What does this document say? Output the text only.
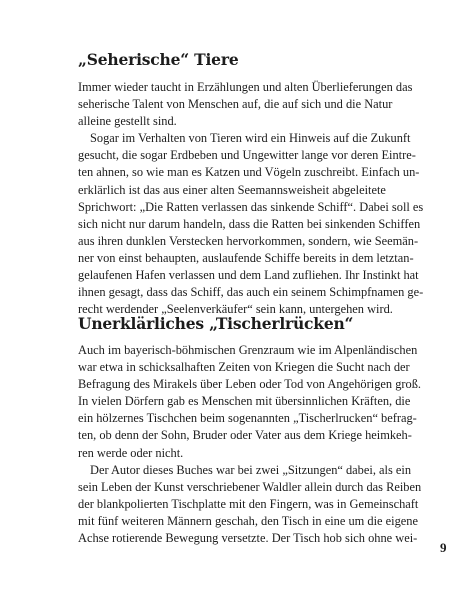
„Seherische“ Tiere
Immer wieder taucht in Erzählungen und alten Überlieferungen das
seherische Talent von Menschen auf, die auf sich und die Natur
alleine gestellt sind.
Sogar im Verhalten von Tieren wird ein Hinweis auf die Zukunft
gesucht, die sogar Erdbeben und Ungewitter lange vor deren Eintre-
ten ahnen, so wie man es Katzen und Vögeln zuschreibt. Einfach un-
erklärlich ist das aus einer alten Seemannsweisheit abgeleitete
Sprichwort: „Die Ratten verlassen das sinkende Schiff“. Dabei soll es
sich nicht nur darum handeln, dass die Ratten bei sinkenden Schiffen
aus ihren dunklen Verstecken hervorkommen, sondern, wie Seemän-
ner von einst behaupten, auslaufende Schiffe bereits in dem letztan-
gelaufenen Hafen verlassen und dem Land zufliehen. Ihr Instinkt hat
ihnen gesagt, dass das Schiff, das auch ein seinem Schimpfnamen ge-
recht werdender „Seelenverkäufer“ sein kann, untergehen wird.
Unerklärliches „Tischerlrücken“
Auch im bayerisch-böhmischen Grenzraum wie im Alpenländischen
war etwa in schicksalhaften Zeiten von Kriegen die Sucht nach der
Befragung des Mirakels über Leben oder Tod von Angehörigen groß.
In vielen Dörfern gab es Menschen mit übersinnlichen Kräften, die
ein hölzernes Tischchen beim sogenannten „Tischerlrucken“ befrag-
ten, ob denn der Sohn, Bruder oder Vater aus dem Kriege heimkeh-
ren werde oder nicht.
Der Autor dieses Buches war bei zwei „Sitzungen“ dabei, als ein
sein Leben der Kunst verschriebener Waldler allein durch das Reiben
der blankpolierten Tischplatte mit den Fingern, was in Gemeinschaft
mit fünf weiteren Männern geschah, den Tisch in eine um die eigene
Achse rotierende Bewegung versetzte. Der Tisch hob sich ohne wei-
9
